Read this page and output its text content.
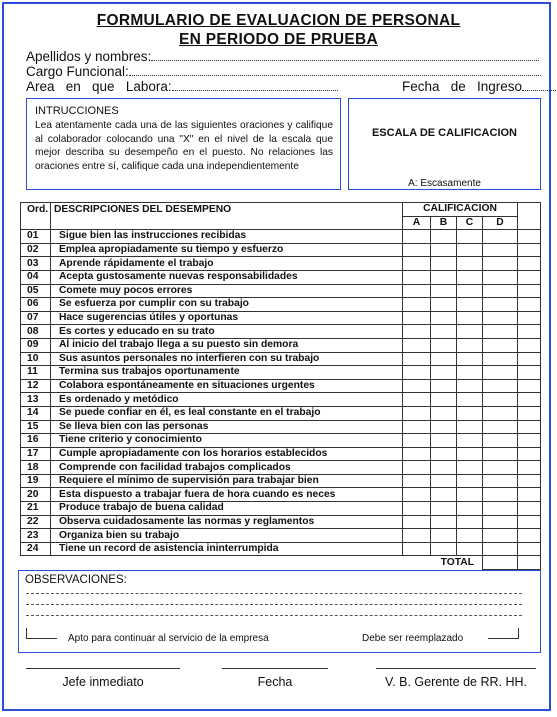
FORMULARIO DE EVALUACION DE PERSONAL
EN PERIODO DE PRUEBA
Apellidos y nombres:
Cargo Funcional:
Area   en   que   Labora:	Fecha   de   Ingreso
INTRUCCIONES
Lea atentamente cada una de las siguientes oraciones y califique al colaborador colocando una "X" en el nivel de la escala que mejor describa su desempeño en el puesto. No relaciones las oraciones entre sí, califique cada una independientemente
ESCALA DE CALIFICACION
A: Escasamente
Ord.	DESCRIPCIONES DEL DESEMPENO	CALIFICACION				
		A	B	C	D	
01	Sigue bien las instrucciones recibidas					
02	Emplea apropiadamente su tiempo y esfuerzo					
03	Aprende rápidamente el trabajo					
04	Acepta gustosamente nuevas responsabilidades					
05	Comete muy pocos errores					
06	Se esfuerza por cumplir con su trabajo					
07	Hace sugerencias útiles y oportunas					
08	Es cortes y educado en su trato					
09	Al inicio del trabajo llega a su puesto sin demora					
10	Sus asuntos personales no interfieren con su trabajo					
11	Termina sus trabajos oportunamente					
12	Colabora espontáneamente en situaciones urgentes					
13	Es ordenado y metódico					
14	Se puede confiar en él, es leal constante en el trabajo					
15	Se lleva bien con las personas					
16	Tiene criterio y conocimiento					
17	Cumple apropiadamente con los horarios establecidos					
18	Comprende con facilidad trabajos complicados					
19	Requiere el mínimo de supervisión para trabajar bien					
20	Esta dispuesto a trabajar fuera de hora cuando es neces					
21	Produce trabajo de buena calidad					
22	Observa cuidadosamente las normas y reglamentos					
23	Organiza bien su trabajo					
24	Tiene un record de asistencia ininterrumpida					
	TOTAL					
OBSERVACIONES:
Apto para continuar al servicio de la empresa	Debe ser reemplazado
Jefe inmediato	Fecha	V. B. Gerente de RR. HH.
